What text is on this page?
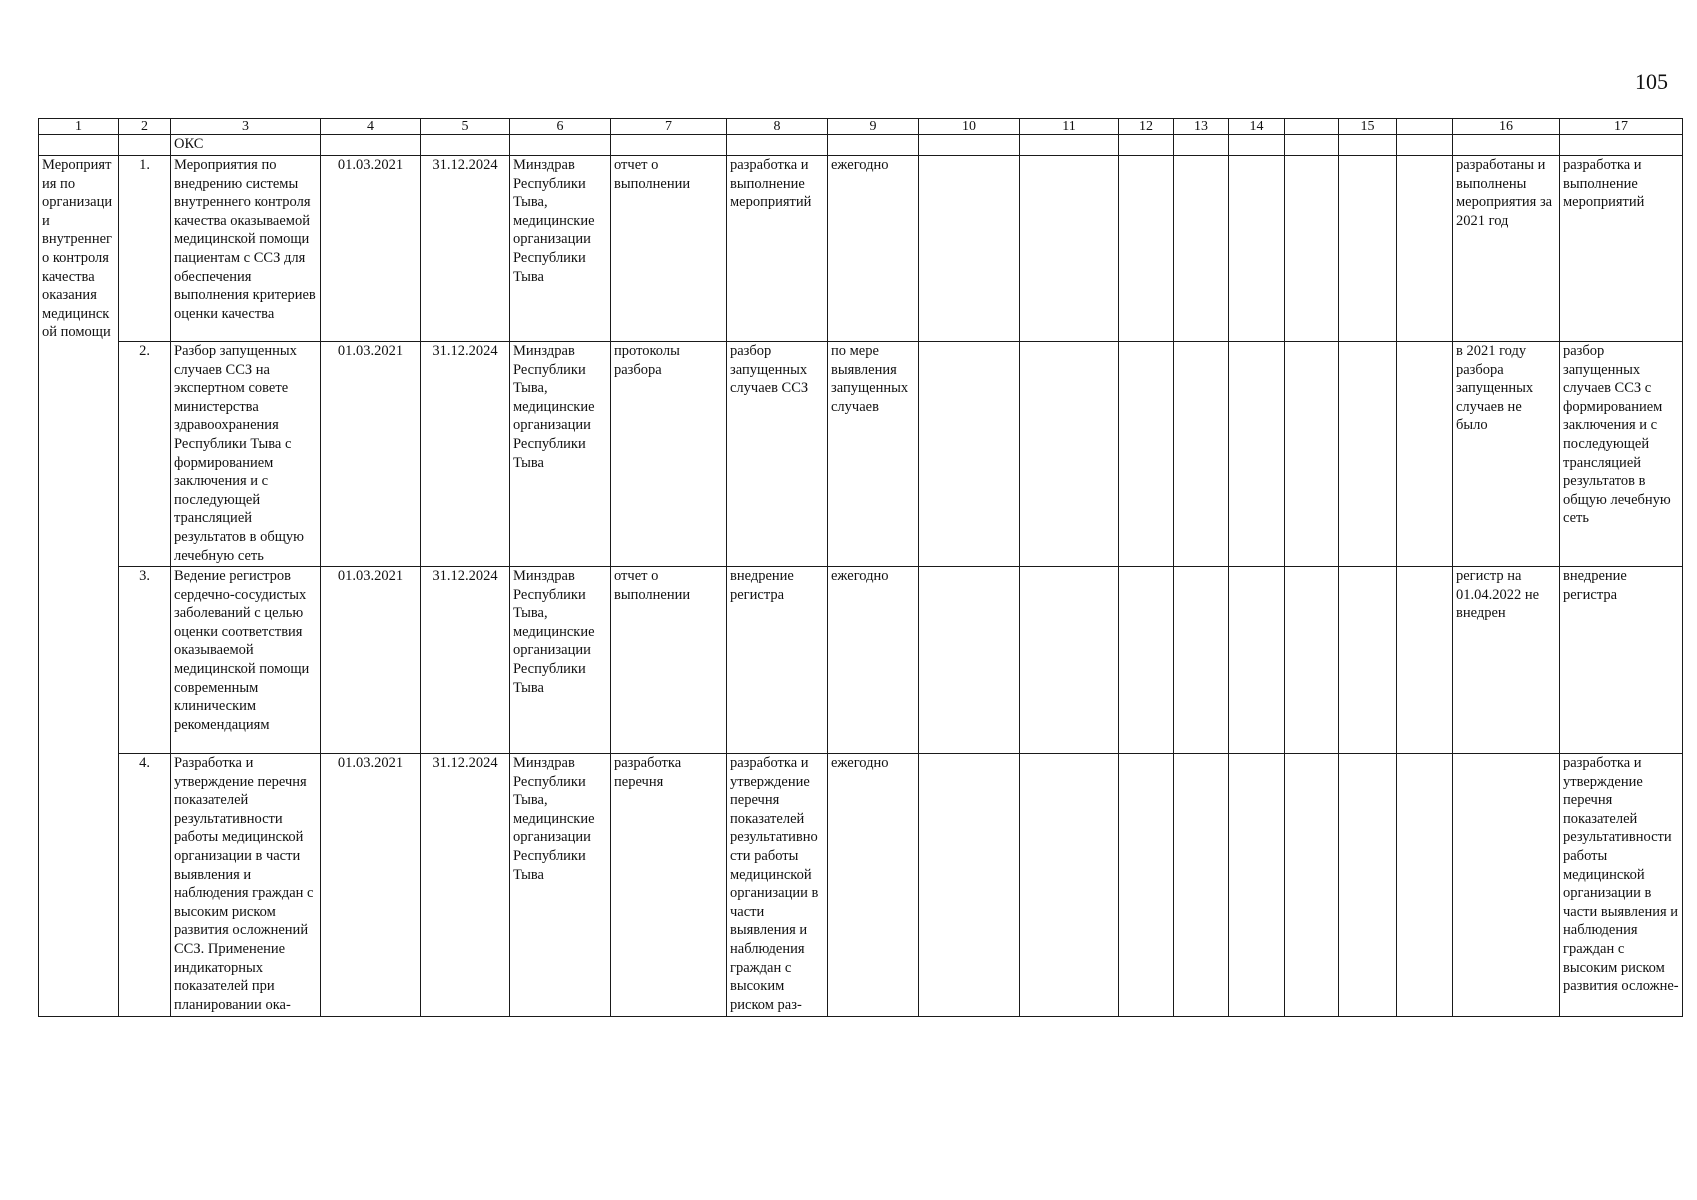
105
1	2	3	4	5	6	7	8	9	10	11	12	13	14		15		16	17
		ОКС																
Мероприятия по организации внутреннего контроля качества оказания медицинской помощи	1.	Мероприятия по внедрению системы внутреннего контроля качества оказываемой медицинской помощи пациентам с ССЗ для обеспечения выполнения критериев оценки качества	01.03.2021	31.12.2024	Минздрав Республики Тыва, медицинские организации Республики Тыва	отчет о выполнении	разработка и выполнение мероприятий	ежегодно									разработаны и выполнены мероприятия за 2021 год	разработка и выполнение мероприятий
	2.	Разбор запущенных случаев ССЗ на экспертном совете министерства здравоохранения Республики Тыва с формированием заключения и с последующей трансляцией результатов в общую лечебную сеть	01.03.2021	31.12.2024	Минздрав Республики Тыва, медицинские организации Республики Тыва	протоколы разбора	разбор запущенных случаев ССЗ	по мере выявления запущенных случаев									в 2021 году разбора запущенных случаев не было	разбор запущенных случаев ССЗ с формированием заключения и с последующей трансляцией результатов в общую лечебную сеть
	3.	Ведение регистров сердечно-сосудистых заболеваний с целью оценки соответствия оказываемой медицинской помощи современным клиническим рекомендациям	01.03.2021	31.12.2024	Минздрав Республики Тыва, медицинские организации Республики Тыва	отчет о выполнении	внедрение регистра	ежегодно									регистр на 01.04.2022 не внедрен	внедрение регистра
	4.	Разработка и утверждение перечня показателей результативности работы медицинской организации в части выявления и наблюдения граждан с высоким риском развития осложнений ССЗ. Применение индикаторных показателей при планировании ока-	01.03.2021	31.12.2024	Минздрав Республики Тыва, медицинские организации Республики Тыва	разработка перечня	разработка и утверждение перечня показателей результативности работы медицинской организации в части выявления и наблюдения граждан с высоким риском раз-	ежегодно										разработка и утверждение перечня показателей результативности работы медицинской организации в части выявления и наблюдения граждан с высоким риском развития осложне-
